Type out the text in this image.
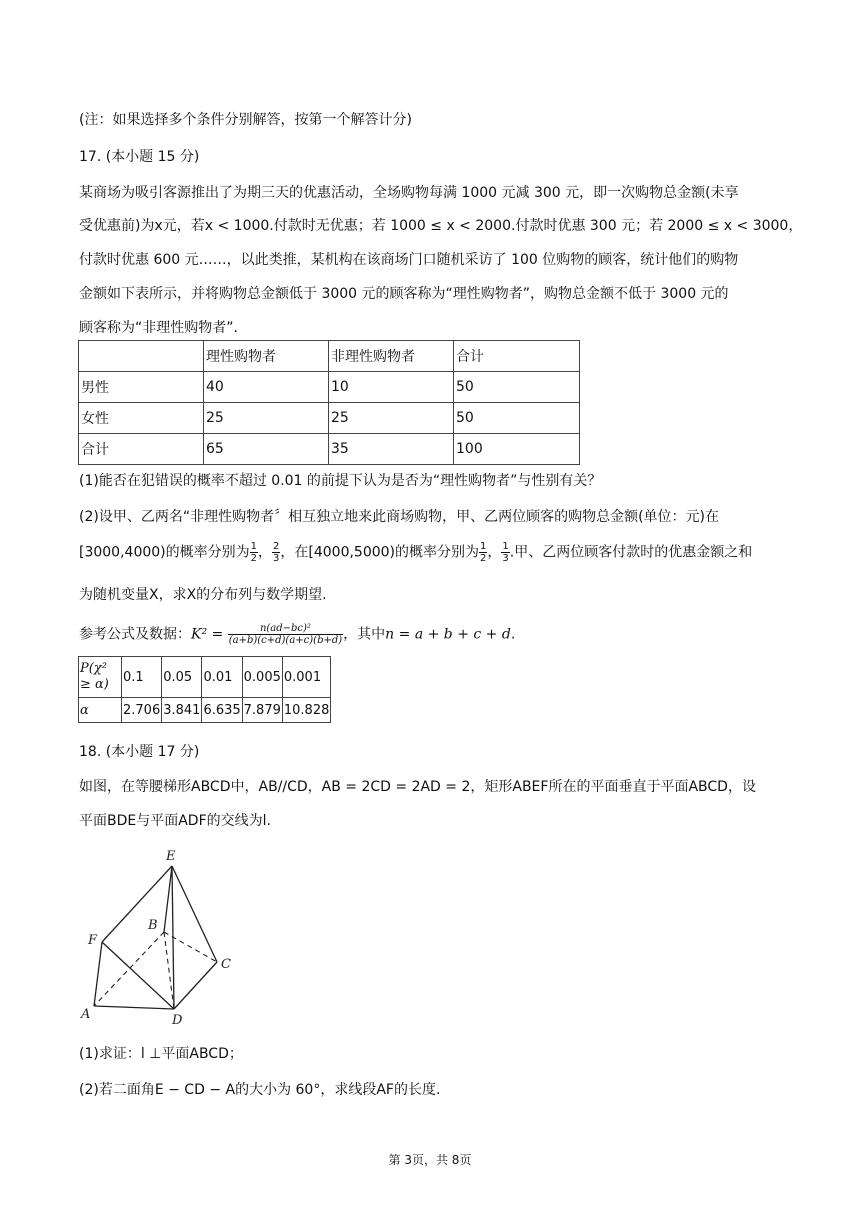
(注：如果选择多个条件分别解答，按第一个解答计分)
17. (本小题 15 分)
某商场为吸引客源推出了为期三天的优惠活动，全场购物每满 1000 元减 300 元，即一次购物总金额(未享
受优惠前)为x元，若x < 1000.付款时无优惠；若 1000 ≤ x < 2000.付款时优惠 300 元；若 2000 ≤ x < 3000，
付款时优惠 600 元……，以此类推，某机构在该商场门口随机采访了 100 位购物的顾客，统计他们的购物
金额如下表所示，并将购物总金额低于 3000 元的顾客称为“理性购物者”，购物总金额不低于 3000 元的
顾客称为“非理性购物者”．
	理性购物者	非理性购物者	合计
男性	40	10	50
女性	25	25	50
合计	65	35	100
(1)能否在犯错误的概率不超过 0.01 的前提下认为是否为“理性购物者”与性别有关？
(2)设甲、乙两名“非理性购物者〞相互独立地来此商场购物，甲、乙两位顾客的购物总金额(单位：元)在
[3000,4000)的概率分别为 $\frac{1}{2}$ ， $\frac{2}{3}$ ，在[4000,5000)的概率分别为 $\frac{1}{2}$ ， $\frac{1}{3}$ .甲、乙两位顾客付款时的优惠金额之和
为随机变量X，求X的分布列与数学期望.
参考公式及数据：$K^2 = \frac{\text{n(ad−bc)²}}{(a+b)(c+d)(a+c)(b+d)}$ ，其中n = a + b + c + d.
P(χ²
≥ α)	0.1	0.05	0.01	0.005	0.001
α	2.706	3.841	6.635	7.879	10.828
18. (本小题 17 分)
如图，在等腰梯形ABCD中，AB//CD，AB = 2CD = 2AD = 2，矩形ABEF所在的平面垂直于平面ABCD，设
平面BDE与平面ADF的交线为l.
E
F
B
C
A	D
(1)求证：l ⊥平面ABCD；
(2)若二面角E − CD − A的大小为 60°，求线段AF的长度.
第 3页，共 8页
